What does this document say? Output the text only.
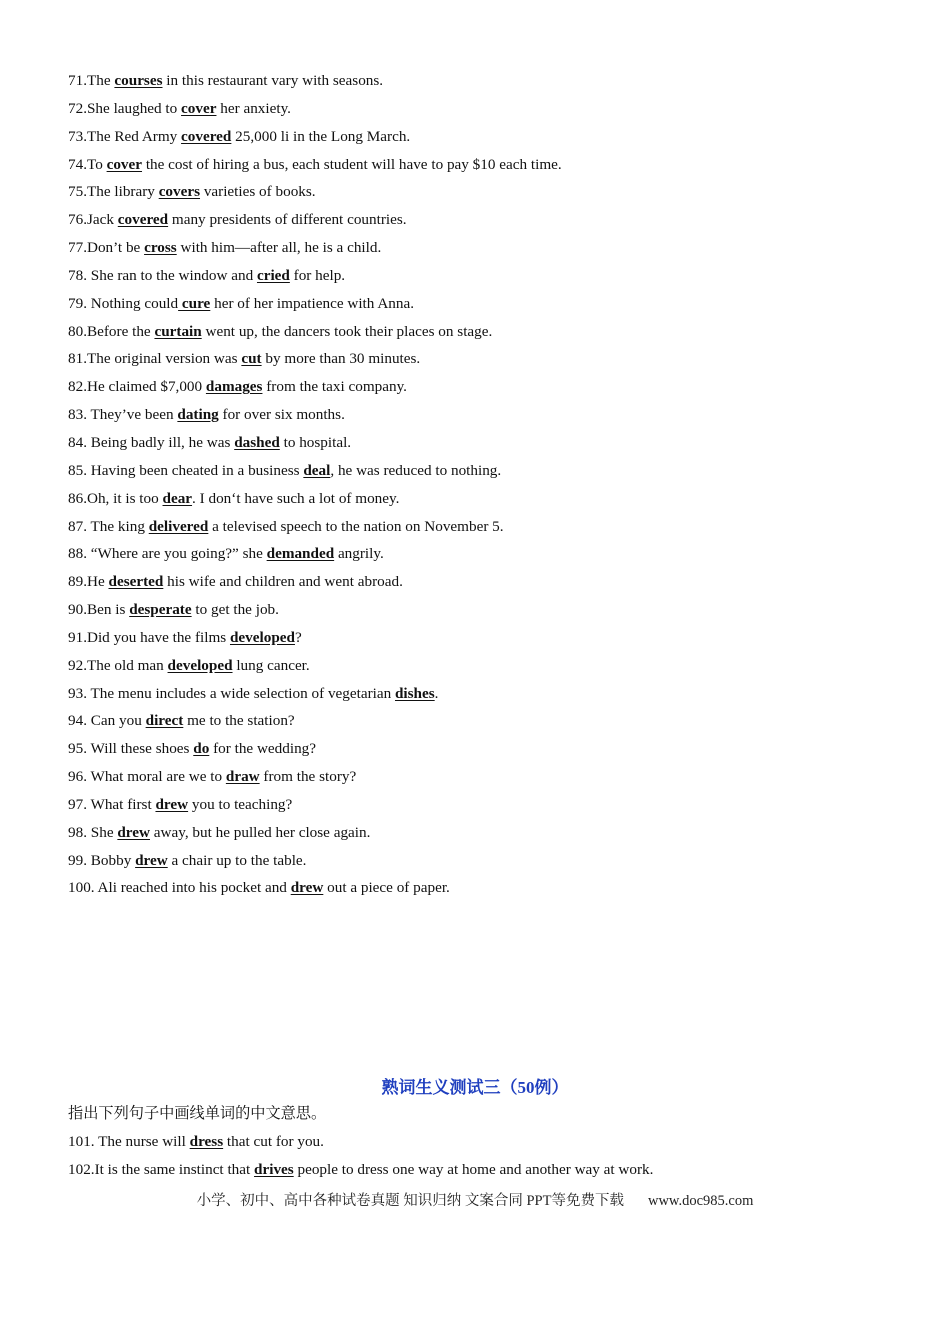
71.The courses in this restaurant vary with seasons.
72.She laughed to cover her anxiety.
73.The Red Army covered 25,000 li in the Long March.
74.To cover the cost of hiring a bus, each student will have to pay $10 each time.
75.The library covers varieties of books.
76.Jack covered many presidents of different countries.
77.Don’t be cross with him—after all, he is a child.
78. She ran to the window and cried for help.
79. Nothing could cure her of her impatience with Anna.
80.Before the curtain went up, the dancers took their places on stage.
81.The original version was cut by more than 30 minutes.
82.He claimed $7,000 damages from the taxi company.
83. They’ve been dating for over six months.
84. Being badly ill, he was dashed to hospital.
85. Having been cheated in a business deal, he was reduced to nothing.
86.Oh, it is too dear. I don‘t have such a lot of money.
87. The king delivered a televised speech to the nation on November 5.
88. “Where are you going?” she demanded angrily.
89.He deserted his wife and children and went abroad.
90.Ben is desperate to get the job.
91.Did you have the films developed?
92.The old man developed lung cancer.
93. The menu includes a wide selection of vegetarian dishes.
94. Can you direct me to the station?
95. Will these shoes do for the wedding?
96. What moral are we to draw from the story?
97. What first drew you to teaching?
98. She drew away, but he pulled her close again.
99. Bobby drew a chair up to the table.
100. Ali reached into his pocket and drew out a piece of paper.
熟词生义测试三（50例）
指出下列句子中画线单词的中文意思。
101. The nurse will dress that cut for you.
102.It is the same instinct that drives people to dress one way at home and another way at work.
小学、初中、高中各种试卷真题 知识归纳 文案合同 PPT等免费下载 www.doc985.com
